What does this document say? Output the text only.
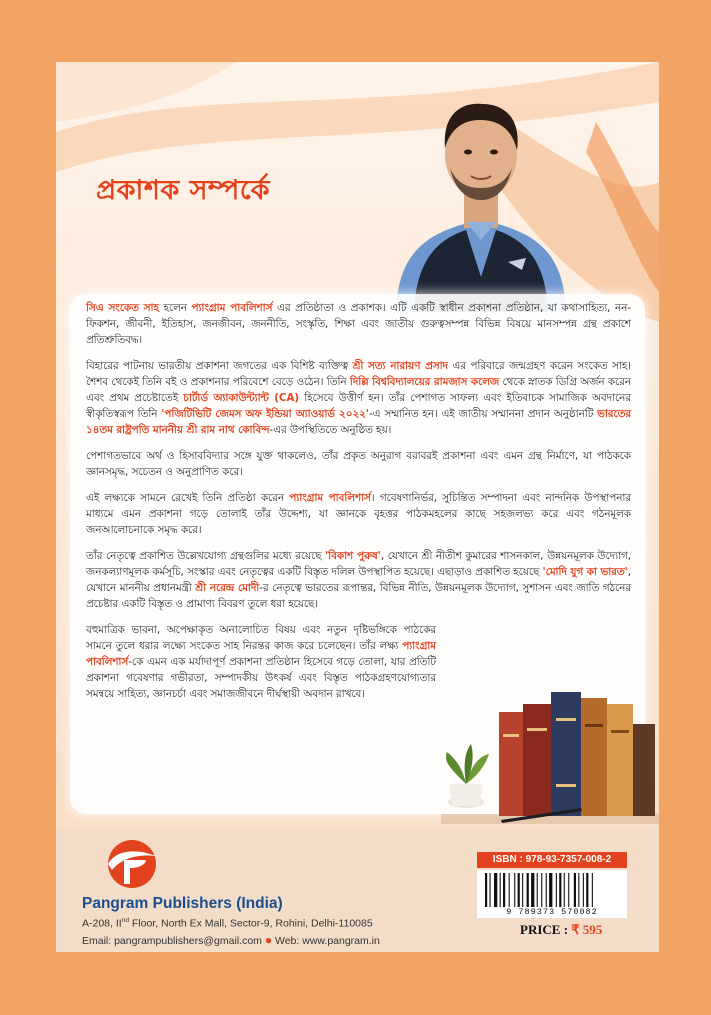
প্রকাশক সম্পর্কে

সিএ সংকেত সাহ হলেন প্যাংগ্রাম পাবলিশার্স এর প্রতিষ্ঠাতা ও প্রকাশক। এটি একটি স্বাধীন প্রকাশনা প্রতিষ্ঠান, যা কথাসাহিত্য, নন-ফিকশন, জীবনী, ইতিহাস, জনজীবন, জননীতি, সংস্কৃতি, শিক্ষা এবং জাতীয় গুরুত্বসম্পন্ন বিভিন্ন বিষয়ে মানসম্পন্ন গ্রন্থ প্রকাশে প্রতিশ্রুতিবদ্ধ।

বিহারের পাটনায় ভারতীয় প্রকাশনা জগতের এক বিশিষ্ট ব্যক্তিত্ব শ্রী সত্য নারায়ণ প্রসাদ এর পরিবারে জন্মগ্রহণ করেন সংকেত সাহ। শৈশব থেকেই তিনি বই ও প্রকাশনার পরিবেশে বেড়ে ওঠেন। তিনি দিল্লি বিশ্ববিদ্যালয়ের রামজাস কলেজ থেকে স্নাতক ডিগ্রি অর্জন করেন এবং প্রথম প্রচেষ্টাতেই চার্টার্ড অ্যাকাউন্ট্যান্ট (CA) হিসেবে উত্তীর্ণ হন। তাঁর পেশাগত সাফল্য এবং ইতিবাচক সামাজিক অবদানের স্বীকৃতিস্বরূপ তিনি 'পজিটিভিটি জেমস অফ ইন্ডিয়া অ্যাওয়ার্ড ২০২২'-এ সম্মানিত হন। এই জাতীয় সম্মাননা প্রদান অনুষ্ঠানটি ভারতের ১৪তম রাষ্ট্রপতি মাননীয় শ্রী রাম নাথ কোবিন্দ-এর উপস্থিতিতে অনুষ্ঠিত হয়।

পেশাগতভাবে অর্থ ও হিসাববিদ্যার সঙ্গে যুক্ত থাকলেও, তাঁর প্রকৃত অনুরাগ বরাবরই প্রকাশনা এবং এমন গ্রন্থ নির্মাণে, যা পাঠককে জ্ঞানসমৃদ্ধ, সচেতন ও অনুপ্রাণিত করে।

এই লক্ষ্যকে সামনে রেখেই তিনি প্রতিষ্ঠা করেন প্যাংগ্রাম পাবলিশার্স। গবেষণানির্ভর, সুচিন্তিত সম্পাদনা এবং নান্দনিক উপস্থাপনার মাধ্যমে এমন প্রকাশনা গড়ে তোলাই তাঁর উদ্দেশ্য, যা জ্ঞানকে বৃহত্তর পাঠকমহলের কাছে সহজলভ্য করে এবং গঠনমূলক জনআলোচনাকে সমৃদ্ধ করে।

তাঁর নেতৃত্বে প্রকাশিত উল্লেখযোগ্য গ্রন্থগুলির মধ্যে রয়েছে 'বিকাশ পুরুষ', যেখানে শ্রী নীতীশ কুমারের শাসনকাল, উন্নয়নমূলক উদ্যোগ, জনকল্যাণমূলক কর্মসূচি, সংস্কার এবং নেতৃত্বের একটি বিস্তৃত দলিল উপস্থাপিত হয়েছে। এছাড়াও প্রকাশিত হয়েছে 'মোদি যুগ কা ভারত', যেখানে মাননীয় প্রধানমন্ত্রী শ্রী নরেন্দ্র মোদী-র নেতৃত্বে ভারতের রূপান্তর, বিভিন্ন নীতি, উন্নয়নমূলক উদ্যোগ, সুশাসন এবং জাতি গঠনের প্রচেষ্টার একটি বিস্তৃত ও প্রামাণ্য বিবরণ তুলে ধরা হয়েছে।

বহুমাত্রিক ভাবনা, অপেক্ষাকৃত অনালোচিত বিষয় এবং নতুন দৃষ্টিভঙ্গিকে পাঠকের সামনে তুলে ধরার লক্ষ্যে সংকেত সাহ নিরন্তর কাজ করে চলেছেন। তাঁর লক্ষ্য প্যাংগ্রাম পাবলিশার্স-কে এমন এক মর্যাদাপূর্ণ প্রকাশনা প্রতিষ্ঠান হিসেবে গড়ে তোলা, যার প্রতিটি প্রকাশনা গবেষণার গভীরতা, সম্পাদকীয় উৎকর্ষ এবং বিস্তৃত পাঠকগ্রহণযোগ্যতার সমন্বয়ে সাহিত্য, জ্ঞানচর্চা এবং সমাজজীবনে দীর্ঘস্থায়ী অবদান রাখবে।

Pangram Publishers (India)
A-208, IInd Floor, North Ex Mall, Sector-9, Rohini, Delhi-110085
Email: pangrampublishers@gmail.com ● Web: www.pangram.in
ISBN : 978-93-7357-008-2
9 789373 570082
PRICE : ₹ 595
